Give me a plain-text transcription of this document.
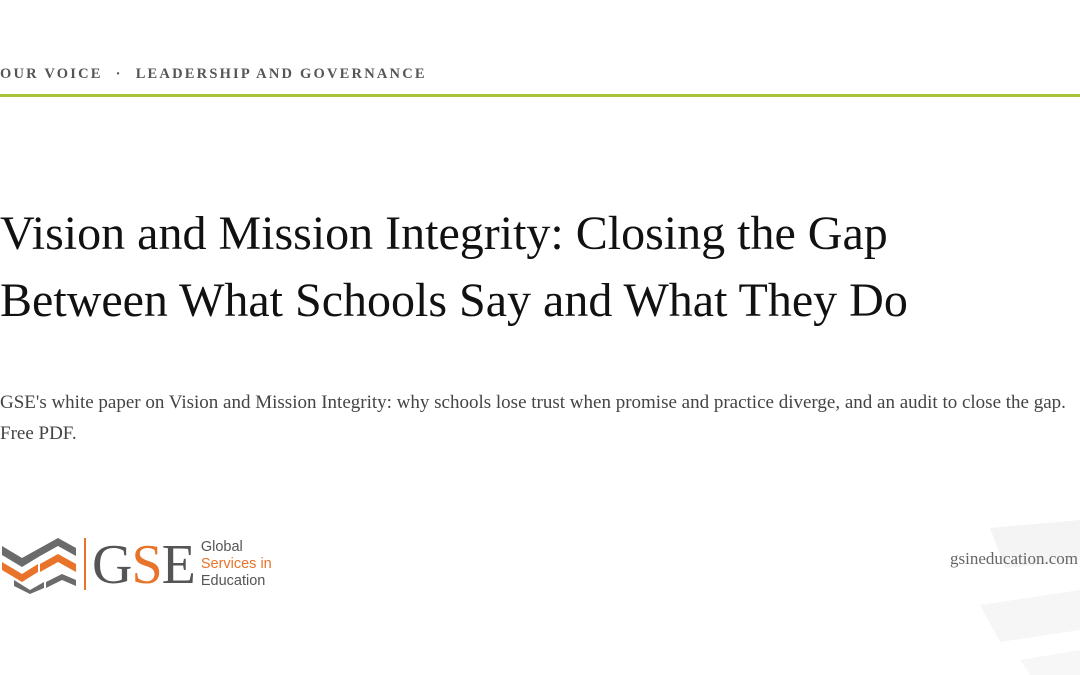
OUR VOICE · LEADERSHIP AND GOVERNANCE
Vision and Mission Integrity: Closing the Gap
Between What Schools Say and What They Do

GSE's white paper on Vision and Mission Integrity: why schools lose trust when promise and practice diverge, and an audit to close the gap. Free PDF.

GSE Global
Services in
Education
gsineducation.com
